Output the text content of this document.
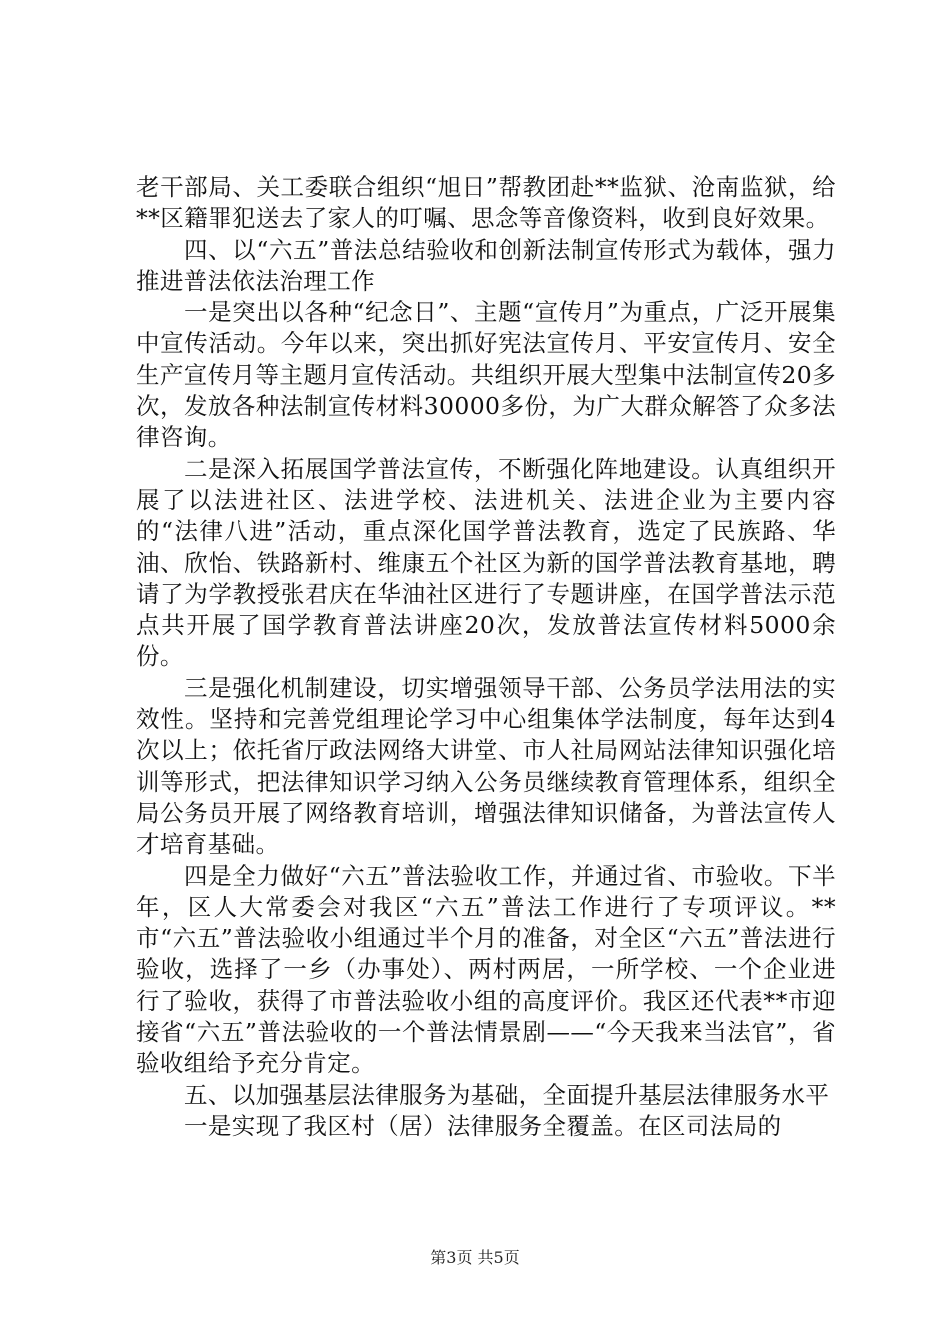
老干部局、关工委联合组织“旭日”帮教团赴**监狱、沧南监狱，给**区籍罪犯送去了家人的叮嘱、思念等音像资料，收到良好效果。

四、以“六五”普法总结验收和创新法制宣传形式为载体，强力推进普法依法治理工作

一是突出以各种“纪念日”、主题“宣传月”为重点，广泛开展集中宣传活动。今年以来，突出抓好宪法宣传月、平安宣传月、安全生产宣传月等主题月宣传活动。共组织开展大型集中法制宣传20多次，发放各种法制宣传材料30000多份，为广大群众解答了众多法律咨询。

二是深入拓展国学普法宣传，不断强化阵地建设。认真组织开展了以法进社区、法进学校、法进机关、法进企业为主要内容的“法律八进”活动，重点深化国学普法教育，选定了民族路、华油、欣怡、铁路新村、维康五个社区为新的国学普法教育基地，聘请了为学教授张君庆在华油社区进行了专题讲座，在国学普法示范点共开展了国学教育普法讲座20次，发放普法宣传材料5000余份。

三是强化机制建设，切实增强领导干部、公务员学法用法的实效性。坚持和完善党组理论学习中心组集体学法制度，每年达到4次以上；依托省厅政法网络大讲堂、市人社局网站法律知识强化培训等形式，把法律知识学习纳入公务员继续教育管理体系，组织全局公务员开展了网络教育培训，增强法律知识储备，为普法宣传人才培育基础。

四是全力做好“六五”普法验收工作，并通过省、市验收。下半年，区人大常委会对我区“六五”普法工作进行了专项评议。**市“六五”普法验收小组通过半个月的准备，对全区“六五”普法进行验收，选择了一乡（办事处）、两村两居，一所学校、一个企业进行了验收，获得了市普法验收小组的高度评价。我区还代表**市迎接省“六五”普法验收的一个普法情景剧——“今天我来当法官”，省验收组给予充分肯定。

五、以加强基层法律服务为基础，全面提升基层法律服务水平

一是实现了我区村（居）法律服务全覆盖。在区司法局的

第3页 共5页
